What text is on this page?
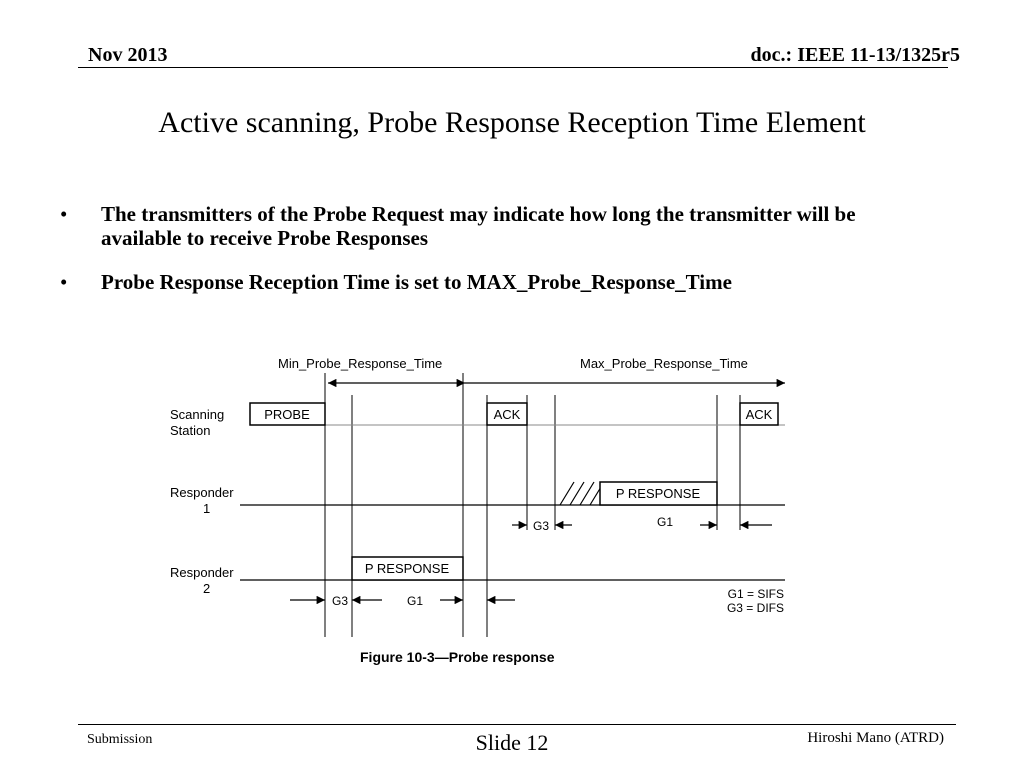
Nov 2013	doc.: IEEE 11-13/1325r5
Active scanning, Probe Response Reception Time Element
• The transmitters of the Probe Request may indicate how long the transmitter will be available to receive Probe Responses
• Probe Response Reception Time is set to MAX_Probe_Response_Time
Min_Probe_Response_Time	Max_Probe_Response_Time
Scanning
Station
Responder
1
Responder
2
PROBE	ACK	ACK
P RESPONSE
G3	G1
P RESPONSE
G3	G1	G1 = SIFS
G3 = DIFS
Figure 10-3—Probe response
Submission	Slide 12	Hiroshi Mano (ATRD)
